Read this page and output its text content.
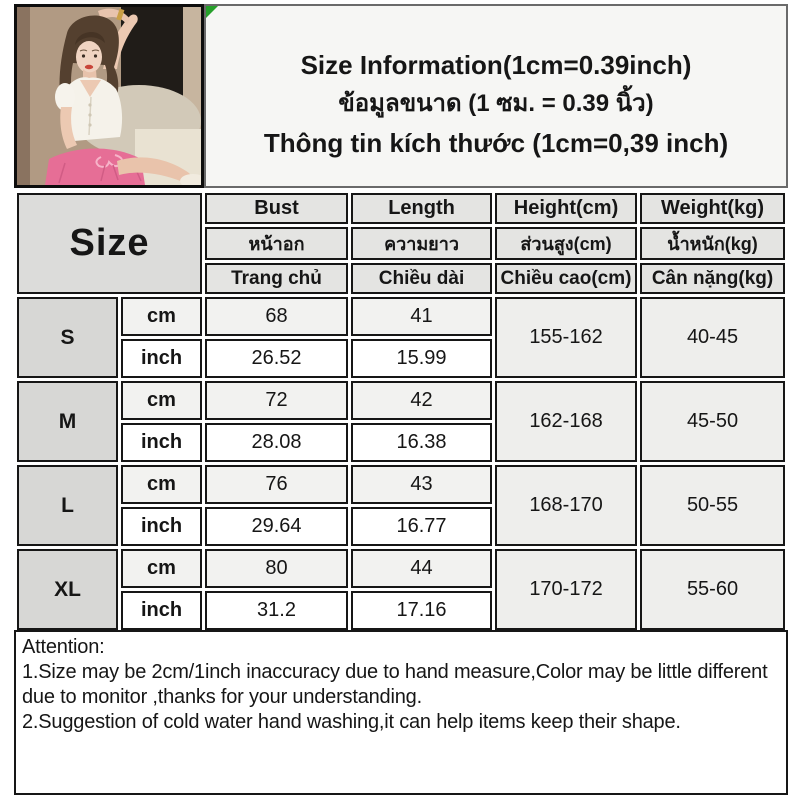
Size Information(1cm=0.39inch)
ข้อมูลขนาด (1 ซม. = 0.39 นิ้ว)
Thông tin kích thước (1cm=0,39 inch)
Size		Bust	Length	Height(cm)	Weight(kg)
		หน้าอก	ความยาว	ส่วนสูง(cm)	น้ำหนัก(kg)
		Trang chủ	Chiều dài	Chiều cao(cm)	Cân nặng(kg)
S	cm	68	41	155-162	40-45
	inch	26.52	15.99		
M	cm	72	42	162-168	45-50
	inch	28.08	16.38		
L	cm	76	43	168-170	50-55
	inch	29.64	16.77		
XL	cm	80	44	170-172	55-60
	inch	31.2	17.16		
Attention:
1.Size may be 2cm/1inch inaccuracy due to hand measure,Color may be little different due to monitor ,thanks for your understanding.
2.Suggestion of cold water hand washing,it can help items keep their shape.
